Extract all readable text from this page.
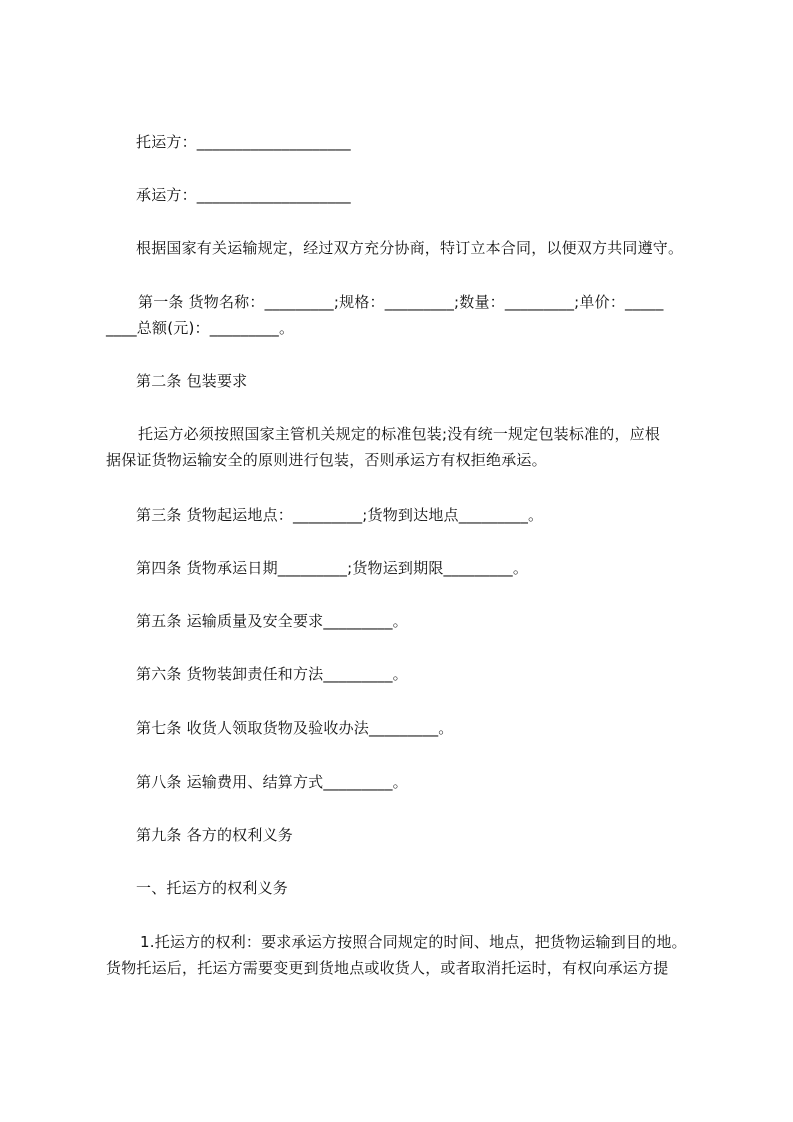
托运方：____________________
承运方：____________________
根据国家有关运输规定，经过双方充分协商，特订立本合同，以便双方共同遵守。
第一条 货物名称：_________;规格：_________;数量：_________;单价：_____
____总额(元)：_________。
第二条 包装要求
托运方必须按照国家主管机关规定的标准包装;没有统一规定包装标准的，应根
据保证货物运输安全的原则进行包装，否则承运方有权拒绝承运。
第三条 货物起运地点：_________;货物到达地点_________。
第四条 货物承运日期_________;货物运到期限_________。
第五条 运输质量及安全要求_________。
第六条 货物装卸责任和方法_________。
第七条 收货人领取货物及验收办法_________。
第八条 运输费用、结算方式_________。
第九条 各方的权利义务
一、托运方的权利义务
1.托运方的权利：要求承运方按照合同规定的时间、地点，把货物运输到目的地。
货物托运后，托运方需要变更到货地点或收货人，或者取消托运时，有权向承运方提
